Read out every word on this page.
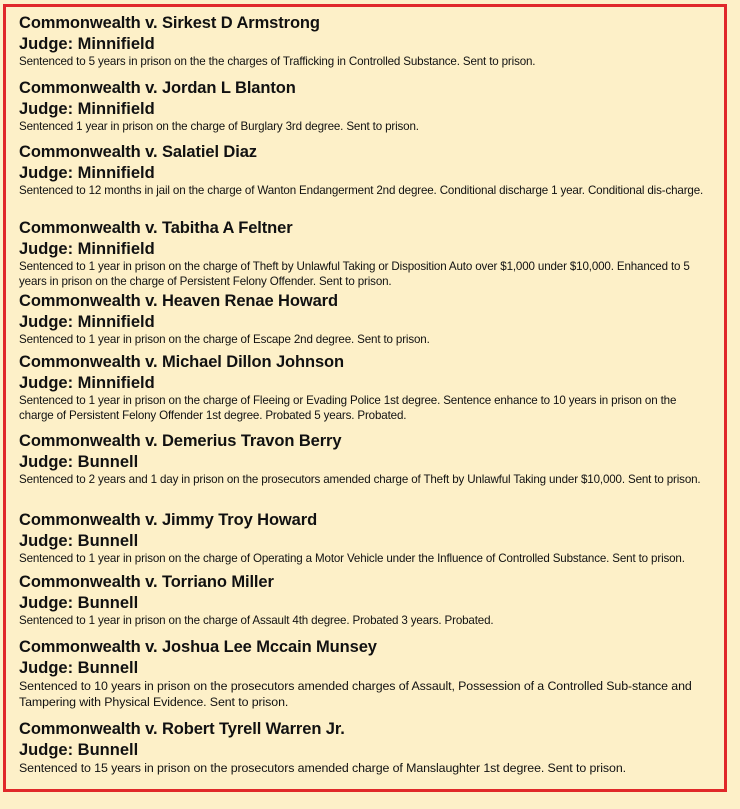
Commonwealth v. Sirkest D Armstrong
Judge: Minnifield
Sentenced to 5 years in prison on the the charges of Trafficking in Controlled Substance. Sent to prison.
Commonwealth v. Jordan L Blanton
Judge: Minnifield
Sentenced 1 year in prison on the charge of Burglary 3rd degree. Sent to prison.
Commonwealth v. Salatiel Diaz
Judge: Minnifield
Sentenced to 12 months in jail on the charge of Wanton Endangerment 2nd degree. Conditional discharge 1 year. Conditional dis-charge.
Commonwealth v. Tabitha A Feltner
Judge: Minnifield
Sentenced to 1 year in prison on the charge of Theft by Unlawful Taking or Disposition Auto over $1,000 under $10,000. Enhanced to 5 years in prison on the charge of Persistent Felony Offender. Sent to prison.
Commonwealth v. Heaven Renae Howard
Judge: Minnifield
Sentenced to 1 year in prison on the charge of Escape 2nd degree. Sent to prison.
Commonwealth v. Michael Dillon Johnson
Judge: Minnifield
Sentenced to 1 year in prison on the charge of Fleeing or Evading Police 1st degree. Sentence enhance to 10 years in prison on the charge of Persistent Felony Offender 1st degree. Probated 5 years. Probated.
Commonwealth v. Demerius Travon Berry
Judge: Bunnell
Sentenced to 2 years and 1 day in prison on the prosecutors amended charge of Theft by Unlawful Taking under $10,000. Sent to prison.
Commonwealth v. Jimmy Troy Howard
Judge: Bunnell
Sentenced to 1 year in prison on the charge of Operating a Motor Vehicle under the Influence of Controlled Substance. Sent to prison.
Commonwealth v. Torriano Miller
Judge: Bunnell
Sentenced to 1 year in prison on the charge of Assault 4th degree. Probated 3 years. Probated.
Commonwealth v. Joshua Lee Mccain Munsey
Judge: Bunnell
Sentenced to 10 years in prison on the prosecutors amended charges of Assault, Possession of a Controlled Sub-stance and Tampering with Physical Evidence. Sent to prison.
Commonwealth v. Robert Tyrell Warren Jr.
Judge: Bunnell
Sentenced to 15 years in prison on the prosecutors amended charge of Manslaughter 1st degree. Sent to prison.
